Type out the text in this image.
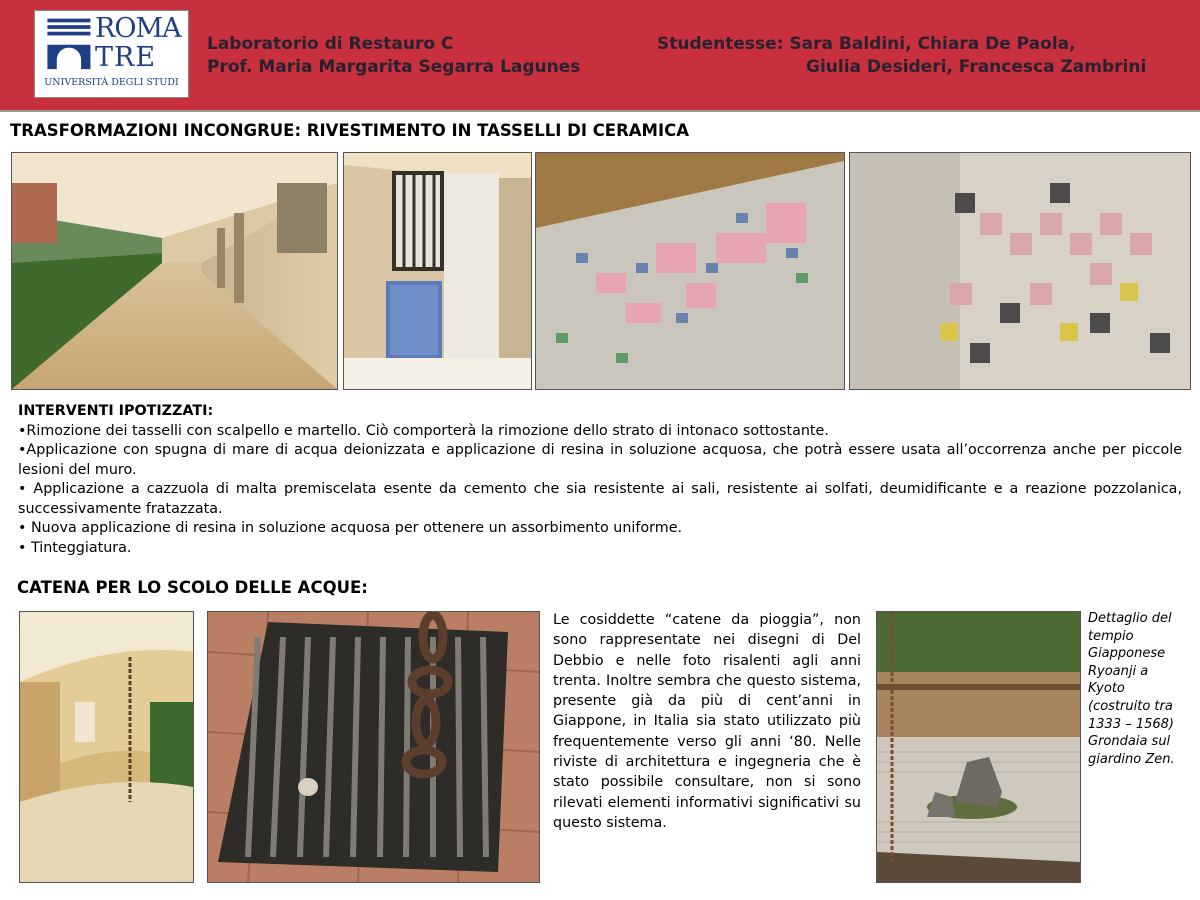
ROMA
TRE
UNIVERSITÀ DEGLI STUDI
Laboratorio di Restauro C
Prof. Maria Margarita Segarra Lagunes
Studentesse: Sara Baldini, Chiara De Paola,
Giulia Desideri, Francesca Zambrini
TRASFORMAZIONI INCONGRUE: RIVESTIMENTO IN TASSELLI DI CERAMICA
INTERVENTI IPOTIZZATI:
•Rimozione dei tasselli con scalpello e martello. Ciò comporterà la rimozione dello strato di intonaco sottostante.
•Applicazione con spugna di mare di acqua deionizzata e applicazione di resina in soluzione acquosa, che potrà essere usata all’occorrenza anche per piccole lesioni del muro.
• Applicazione a cazzuola di malta premiscelata esente da cemento che sia resistente ai sali, resistente ai solfati, deumidificante e a reazione pozzolanica, successivamente fratazzata.
• Nuova applicazione di resina in soluzione acquosa per ottenere un assorbimento uniforme.
• Tinteggiatura.
CATENA PER LO SCOLO DELLE ACQUE:
Le cosiddette “catene da pioggia”, non sono rappresentate nei disegni di Del Debbio e nelle foto risalenti agli anni trenta. Inoltre sembra che questo sistema, presente già da più di cent’anni in Giappone, in Italia sia stato utilizzato più frequentemente verso gli anni ‘80. Nelle riviste di architettura e ingegneria che è stato possibile consultare, non si sono rilevati elementi informativi significativi su questo sistema.
Dettaglio del tempio Giapponese Ryoanji a Kyoto (costruito tra 1333 – 1568) Grondaia sul giardino Zen.
